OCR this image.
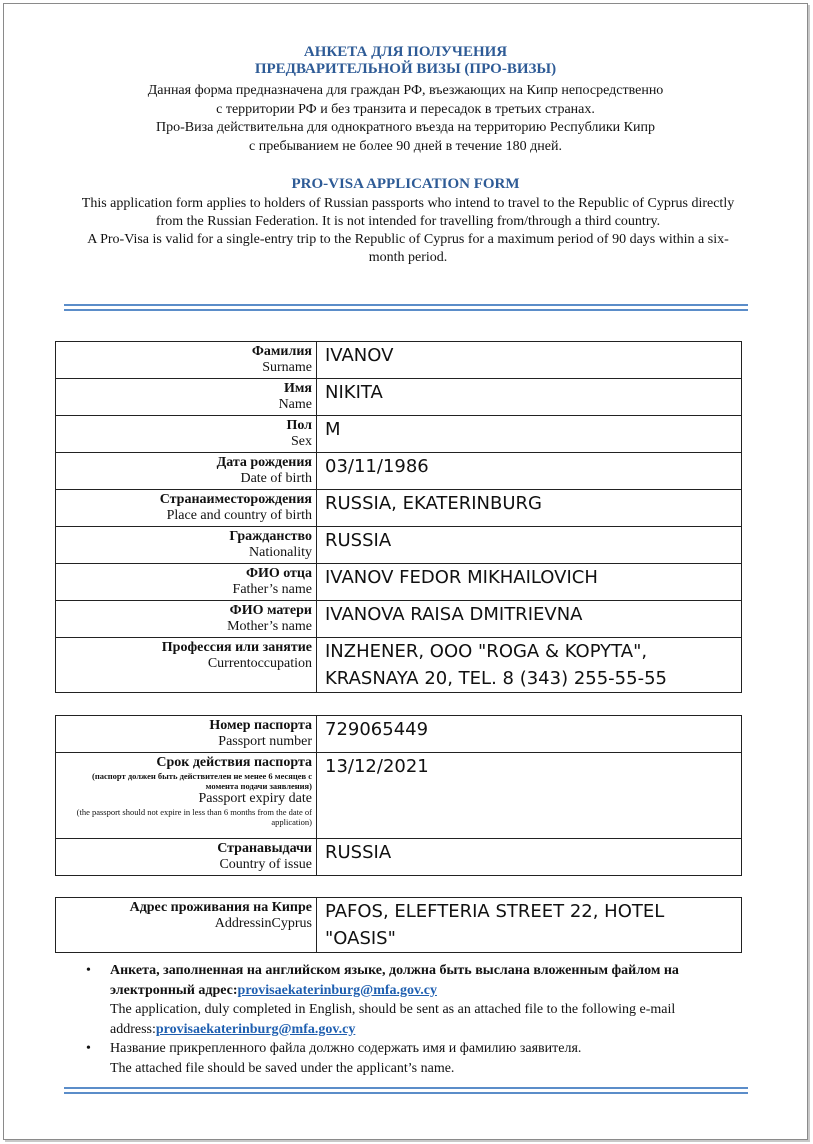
АНКЕТА ДЛЯ ПОЛУЧЕНИЯ
ПРЕДВАРИТЕЛЬНОЙ ВИЗЫ (ПРО-ВИЗЫ)
Данная форма предназначена для граждан РФ, въезжающих на Кипр непосредственно
с территории РФ и без транзита и пересадок в третьих странах.
Про-Виза действительна для однократного въезда на территорию Республики Кипр
с пребыванием не более 90 дней в течение 180 дней.
PRO-VISA APPLICATION FORM
This application form applies to holders of Russian passports who intend to travel to the Republic of Cyprus directly from the Russian Federation. It is not intended for travelling from/through a third country.
A Pro-Visa is valid for a single-entry trip to the Republic of Cyprus for a maximum period of 90 days within a six-month period.
Фамилия
Surname	IVANOV

Имя
Name	NIKITA

Пол
Sex	M

Дата рождения
Date of birth	03/11/1986

Странаиместорождения
Place and country of birth	RUSSIA, EKATERINBURG

Гражданство
Nationality	RUSSIA

ФИО отца
Father’s name	IVANOV FEDOR MIKHAILOVICH

ФИО матери
Mother’s name	IVANOVA RAISA DMITRIEVNA

Профессия или занятие
Currentoccupation	INZHENER, OOO "ROGA & KOPYTA", KRASNAYA 20, TEL. 8 (343) 255-55-55
Номер паспорта
Passport number	729065449

Срок действия паспорта
(паспорт должен быть действителен не менее 6 месяцев с момента подачи заявления)
Passport expiry date
(the passport should not expire in less than 6 months from the date of application)	13/12/2021

Странавыдачи
Country of issue	RUSSIA
Адрес проживания на Кипре
AddressinCyprus
	PAFOS, ELEFTERIA STREET 22, HOTEL "OASIS"
• Анкета, заполненная на английском языке, должна быть выслана вложенным файлом на электронный адрес:provisaekaterinburg@mfa.gov.cy
The application, duly completed in English, should be sent as an attached file to the following e-mail address:provisaekaterinburg@mfa.gov.cy
• Название прикрепленного файла должно содержать имя и фамилию заявителя.
The attached file should be saved under the applicant’s name.
